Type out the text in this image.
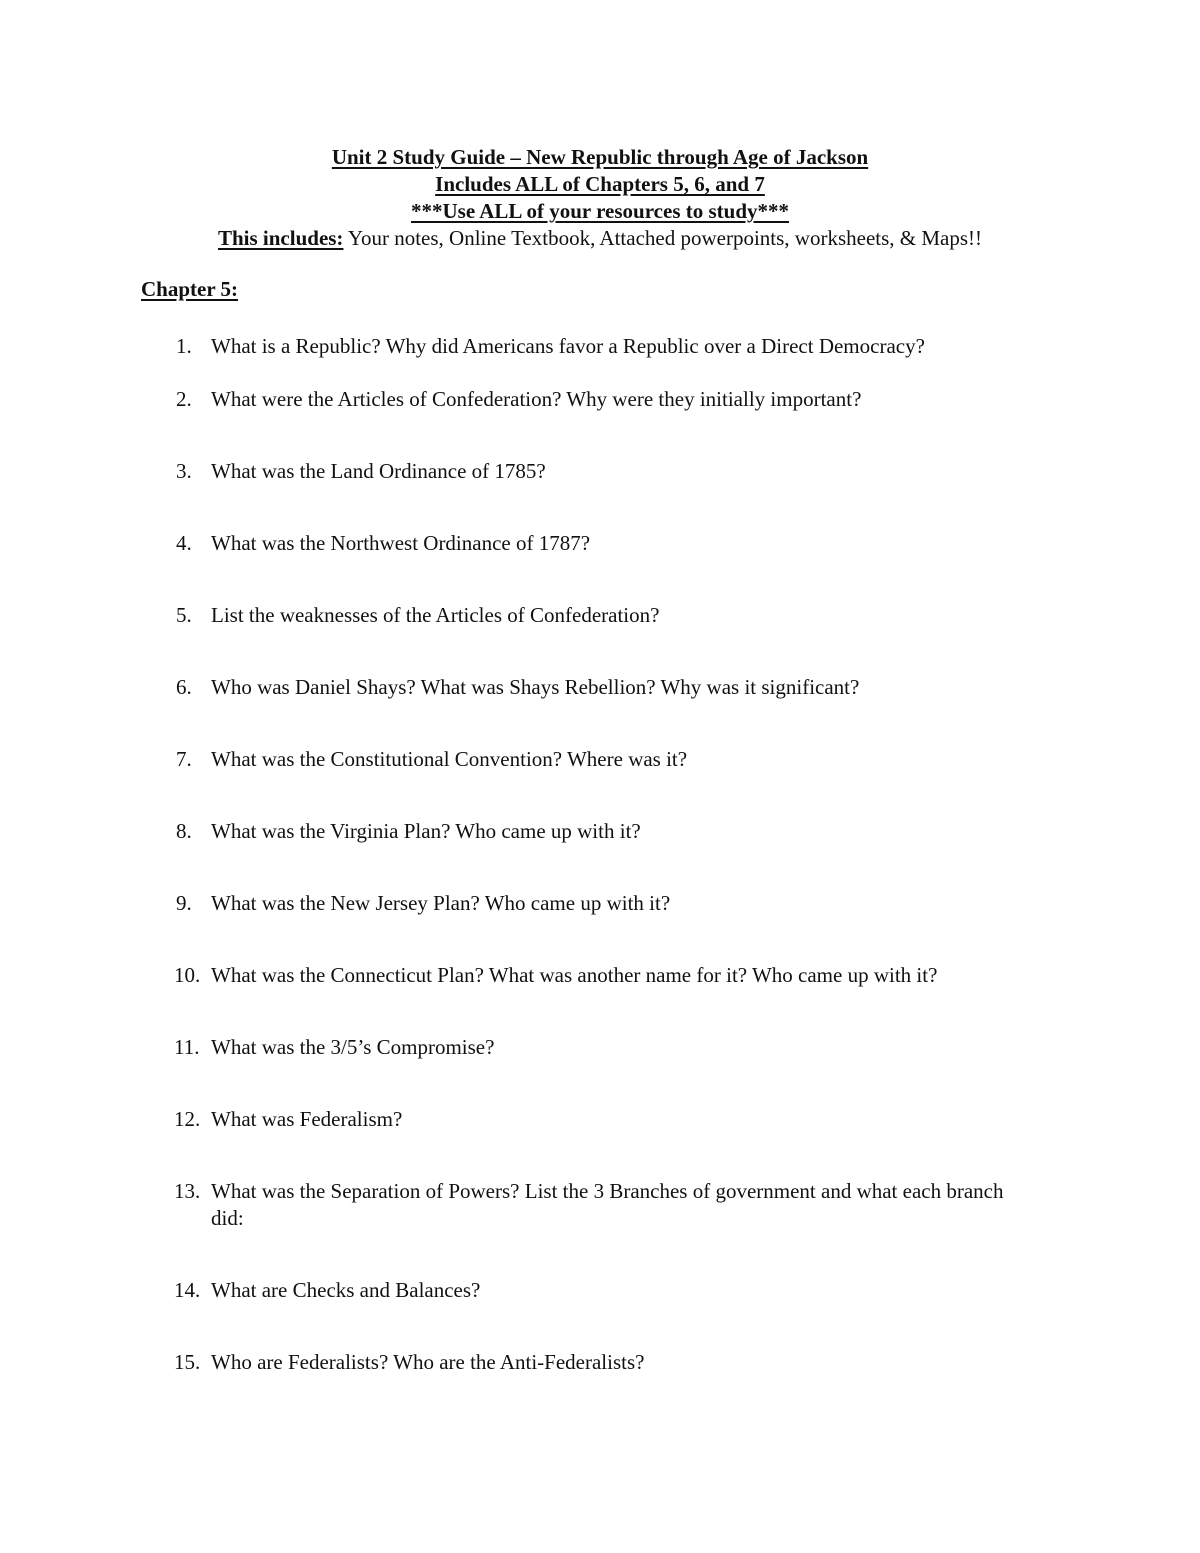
Unit 2 Study Guide – New Republic through Age of Jackson
Includes ALL of Chapters 5, 6, and 7
***Use ALL of your resources to study***
This includes: Your notes, Online Textbook, Attached powerpoints, worksheets, & Maps!!
Chapter 5:
1. What is a Republic? Why did Americans favor a Republic over a Direct Democracy?
2. What were the Articles of Confederation? Why were they initially important?
3. What was the Land Ordinance of 1785?
4. What was the Northwest Ordinance of 1787?
5. List the weaknesses of the Articles of Confederation?
6. Who was Daniel Shays? What was Shays Rebellion? Why was it significant?
7. What was the Constitutional Convention? Where was it?
8. What was the Virginia Plan? Who came up with it?
9. What was the New Jersey Plan? Who came up with it?
10. What was the Connecticut Plan? What was another name for it? Who came up with it?
11. What was the 3/5’s Compromise?
12. What was Federalism?
13. What was the Separation of Powers? List the 3 Branches of government and what each branch did:
14. What are Checks and Balances?
15. Who are Federalists? Who are the Anti-Federalists?
